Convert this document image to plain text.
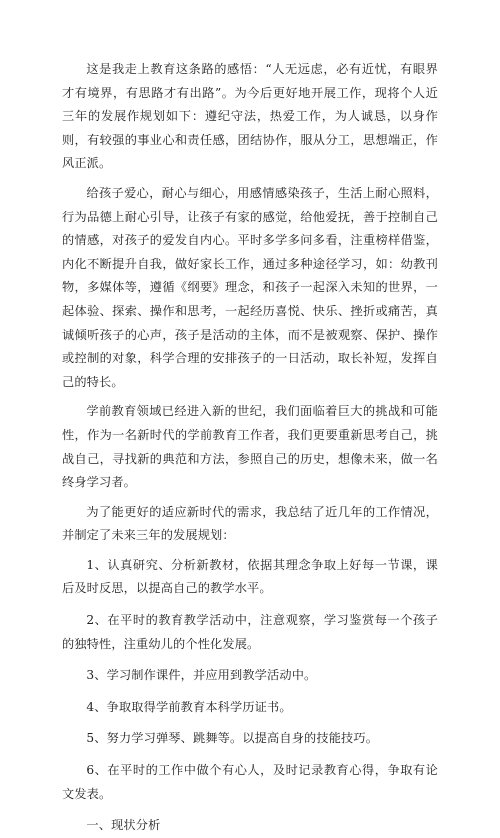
这是我走上教育这条路的感悟：“人无远虑，必有近忧，有眼界才有境界，有思路才有出路”。为今后更好地开展工作，现将个人近三年的发展作规划如下：遵纪守法，热爱工作，为人诚恳，以身作则，有较强的事业心和责任感，团结协作，服从分工，思想端正，作风正派。

给孩子爱心，耐心与细心，用感情感染孩子，生活上耐心照料，行为品德上耐心引导，让孩子有家的感觉，给他爱抚，善于控制自己的情感，对孩子的爱发自内心。平时多学多问多看，注重榜样借鉴，内化不断提升自我，做好家长工作，通过多种途径学习，如：幼教刊物，多媒体等，遵循《纲要》理念，和孩子一起深入未知的世界，一起体验、探索、操作和思考，一起经历喜悦、快乐、挫折或痛苦，真诚倾听孩子的心声，孩子是活动的主体，而不是被观察、保护、操作或控制的对象，科学合理的安排孩子的一日活动，取长补短，发挥自己的特长。

学前教育领域已经进入新的世纪，我们面临着巨大的挑战和可能性，作为一名新时代的学前教育工作者，我们更要重新思考自己，挑战自己，寻找新的典范和方法，参照自己的历史，想像未来，做一名终身学习者。

为了能更好的适应新时代的需求，我总结了近几年的工作情况，并制定了未来三年的发展规划：

1、认真研究、分析新教材，依据其理念争取上好每一节课，课后及时反思，以提高自己的教学水平。

2、在平时的教育教学活动中，注意观察，学习鉴赏每一个孩子的独特性，注重幼儿的个性化发展。

3、学习制作课件，并应用到教学活动中。

4、争取取得学前教育本科学历证书。

5、努力学习弹琴、跳舞等。以提高自身的技能技巧。

6、在平时的工作中做个有心人，及时记录教育心得，争取有论文发表。

一、现状分析
